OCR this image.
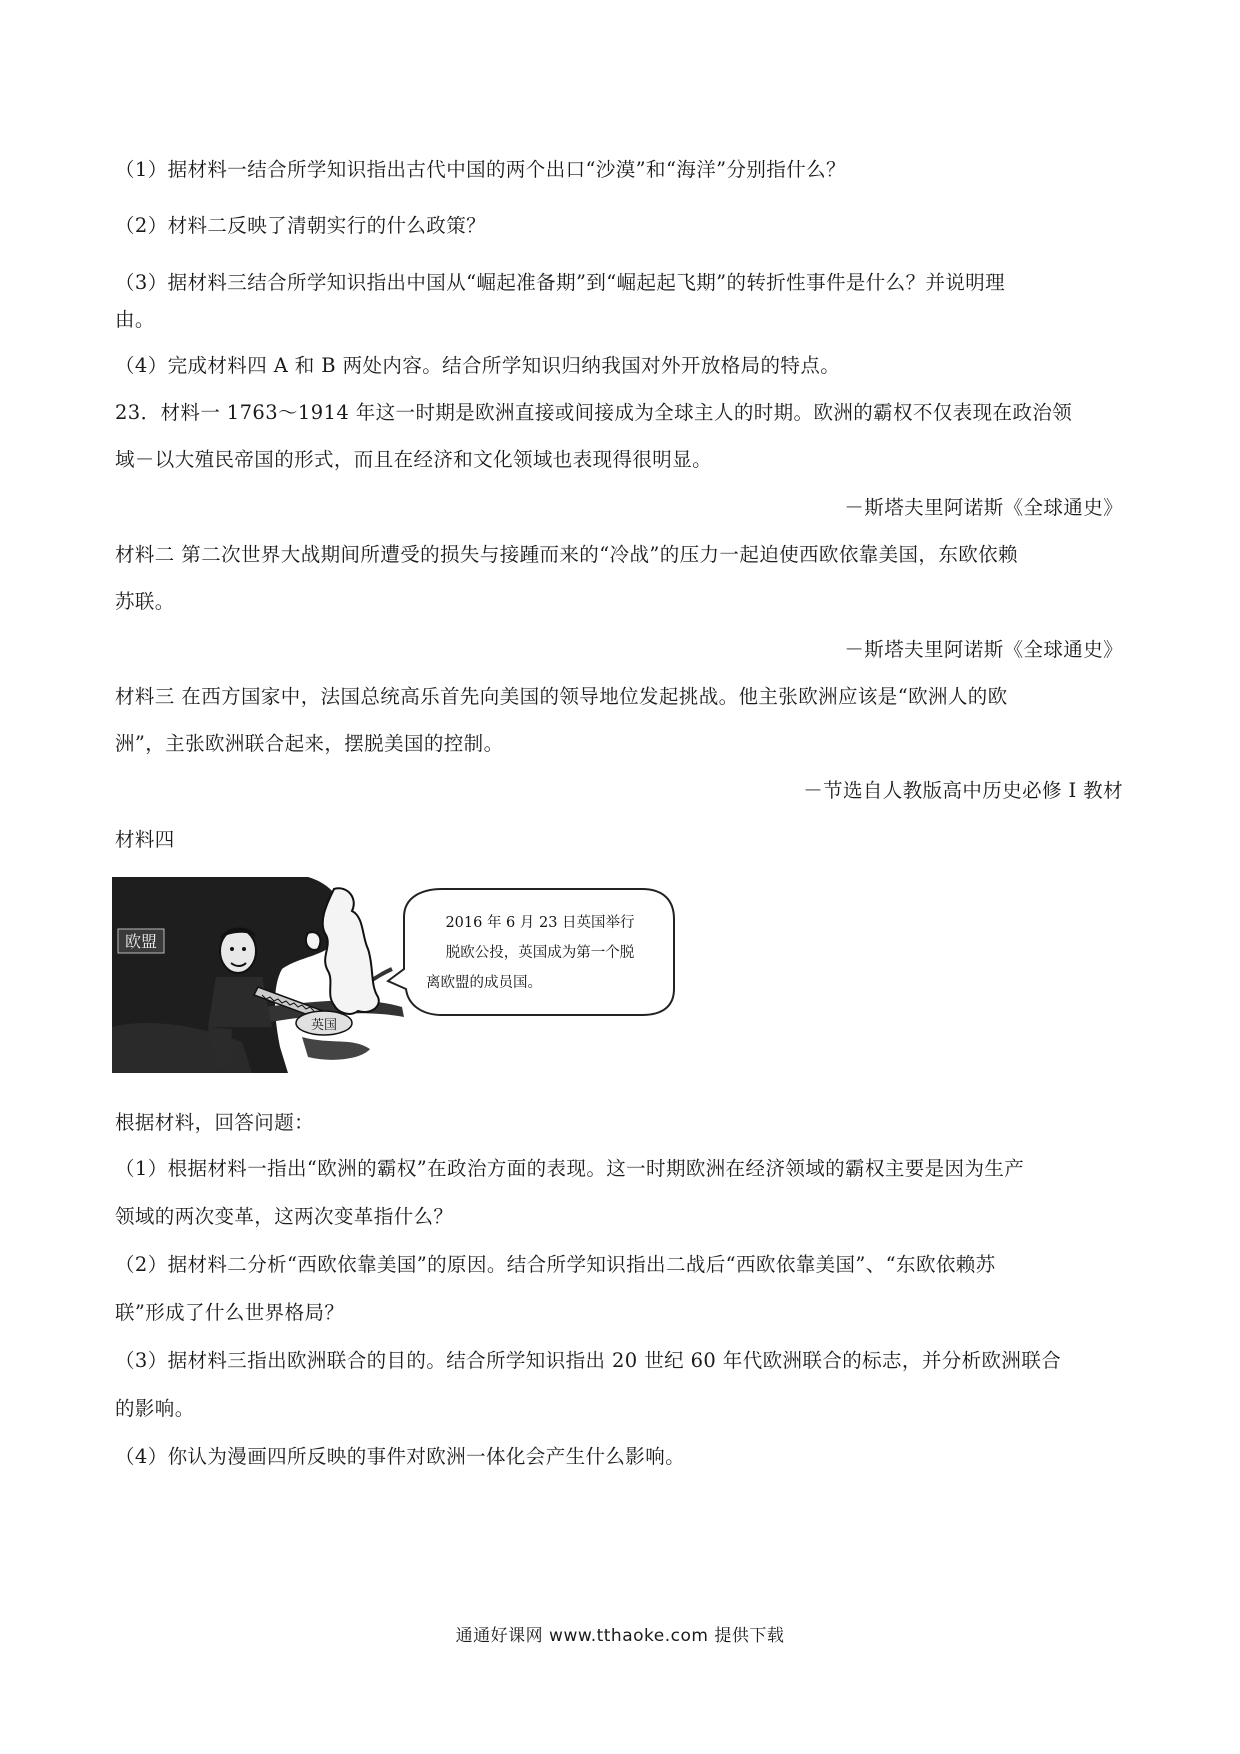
（1）据材料一结合所学知识指出古代中国的两个出口“沙漠”和“海洋”分别指什么？
（2）材料二反映了清朝实行的什么政策？
（3）据材料三结合所学知识指出中国从“崛起准备期”到“崛起起飞期”的转折性事件是什么？并说明理
由。
（4）完成材料四 A 和 B 两处内容。结合所学知识归纳我国对外开放格局的特点。
23．材料一 1763～1914 年这一时期是欧洲直接或间接成为全球主人的时期。欧洲的霸权不仅表现在政治领
域－以大殖民帝国的形式，而且在经济和文化领域也表现得很明显。
－斯塔夫里阿诺斯《全球通史》
材料二 第二次世界大战期间所遭受的损失与接踵而来的“冷战”的压力一起迫使西欧依靠美国，东欧依赖
苏联。
－斯塔夫里阿诺斯《全球通史》
材料三 在西方国家中，法国总统高乐首先向美国的领导地位发起挑战。他主张欧洲应该是“欧洲人的欧
洲”，主张欧洲联合起来，摆脱美国的控制。
－节选自人教版高中历史必修 I 教材
材料四
欧盟
英国
2016 年 6 月 23 日英国举行
脱欧公投，英国成为第一个脱
离欧盟的成员国。
根据材料，回答问题：
（1）根据材料一指出“欧洲的霸权”在政治方面的表现。这一时期欧洲在经济领域的霸权主要是因为生产
领域的两次变革，这两次变革指什么？
（2）据材料二分析“西欧依靠美国”的原因。结合所学知识指出二战后“西欧依靠美国”、“东欧依赖苏
联”形成了什么世界格局？
（3）据材料三指出欧洲联合的目的。结合所学知识指出 20 世纪 60 年代欧洲联合的标志，并分析欧洲联合
的影响。
（4）你认为漫画四所反映的事件对欧洲一体化会产生什么影响。
通通好课网 www.tthaoke.com 提供下载
